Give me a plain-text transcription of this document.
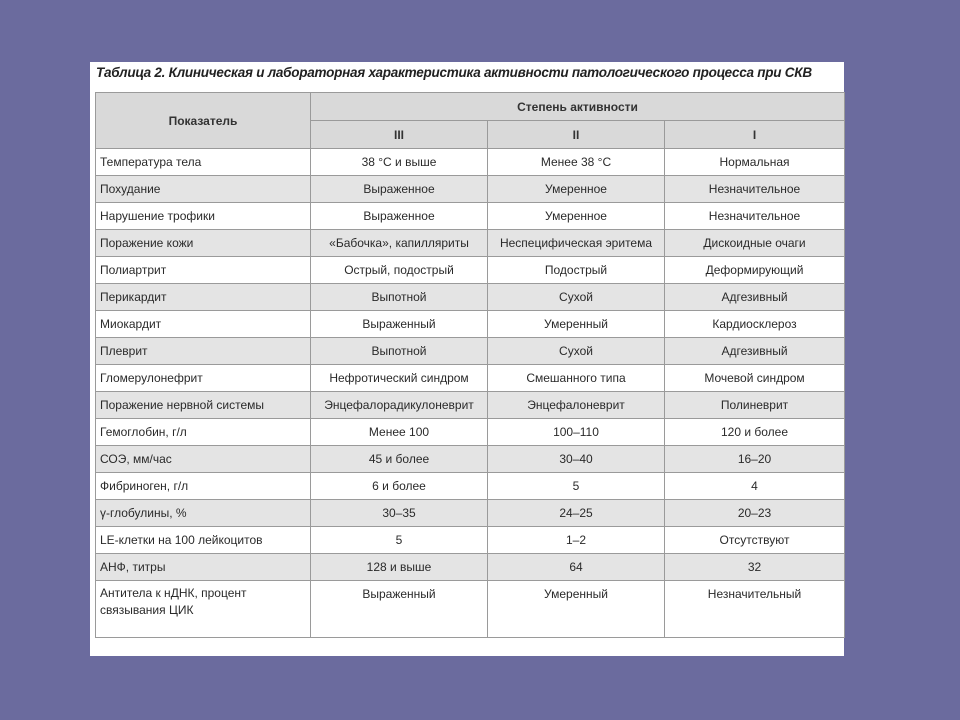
Таблица 2. Клиническая и лабораторная характеристика активности патологического процесса при СКВ
Показатель	Степень активности		
	III	II	I
Температура тела	38 °С и выше	Менее 38 °С	Нормальная
Похудание	Выраженное	Умеренное	Незначительное
Нарушение трофики	Выраженное	Умеренное	Незначительное
Поражение кожи	«Бабочка», капилляриты	Неспецифическая эритема	Дискоидные очаги
Полиартрит	Острый, подострый	Подострый	Деформирующий
Перикардит	Выпотной	Сухой	Адгезивный
Миокардит	Выраженный	Умеренный	Кардиосклероз
Плеврит	Выпотной	Сухой	Адгезивный
Гломерулонефрит	Нефротический синдром	Смешанного типа	Мочевой синдром
Поражение нервной системы	Энцефалорадикулоневрит	Энцефалоневрит	Полиневрит
Гемоглобин, г/л	Менее 100	100–110	120 и более
СОЭ, мм/час	45 и более	30–40	16–20
Фибриноген, г/л	6 и более	5	4
γ-глобулины, %	30–35	24–25	20–23
LE-клетки на 100 лейкоцитов	5	1–2	Отсутствуют
АНФ, титры	128 и выше	64	32
Антитела к нДНК, процент связывания ЦИК	Выраженный	Умеренный	Незначительный
